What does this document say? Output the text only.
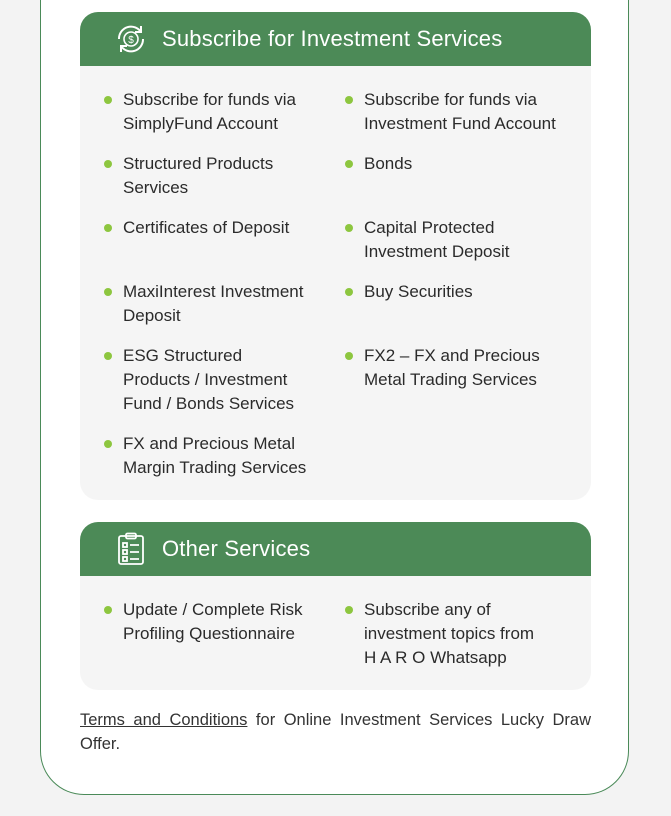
$ Subscribe for Investment Services
Subscribe for funds via
SimplyFund Account
Subscribe for funds via
Investment Fund Account
Structured Products
Services
Bonds
Certificates of Deposit	Capital Protected
Investment Deposit
MaxiInterest Investment
Deposit
Buy Securities
ESG Structured
Products / Investment
Fund / Bonds Services
FX2 – FX and Precious
Metal Trading Services
FX and Precious Metal
Margin Trading Services
Other Services
Update / Complete Risk
Profiling Questionnaire
Subscribe any of
investment topics from
H A R O Whatsapp
Terms and Conditions for Online Investment Services Lucky Draw Offer.
